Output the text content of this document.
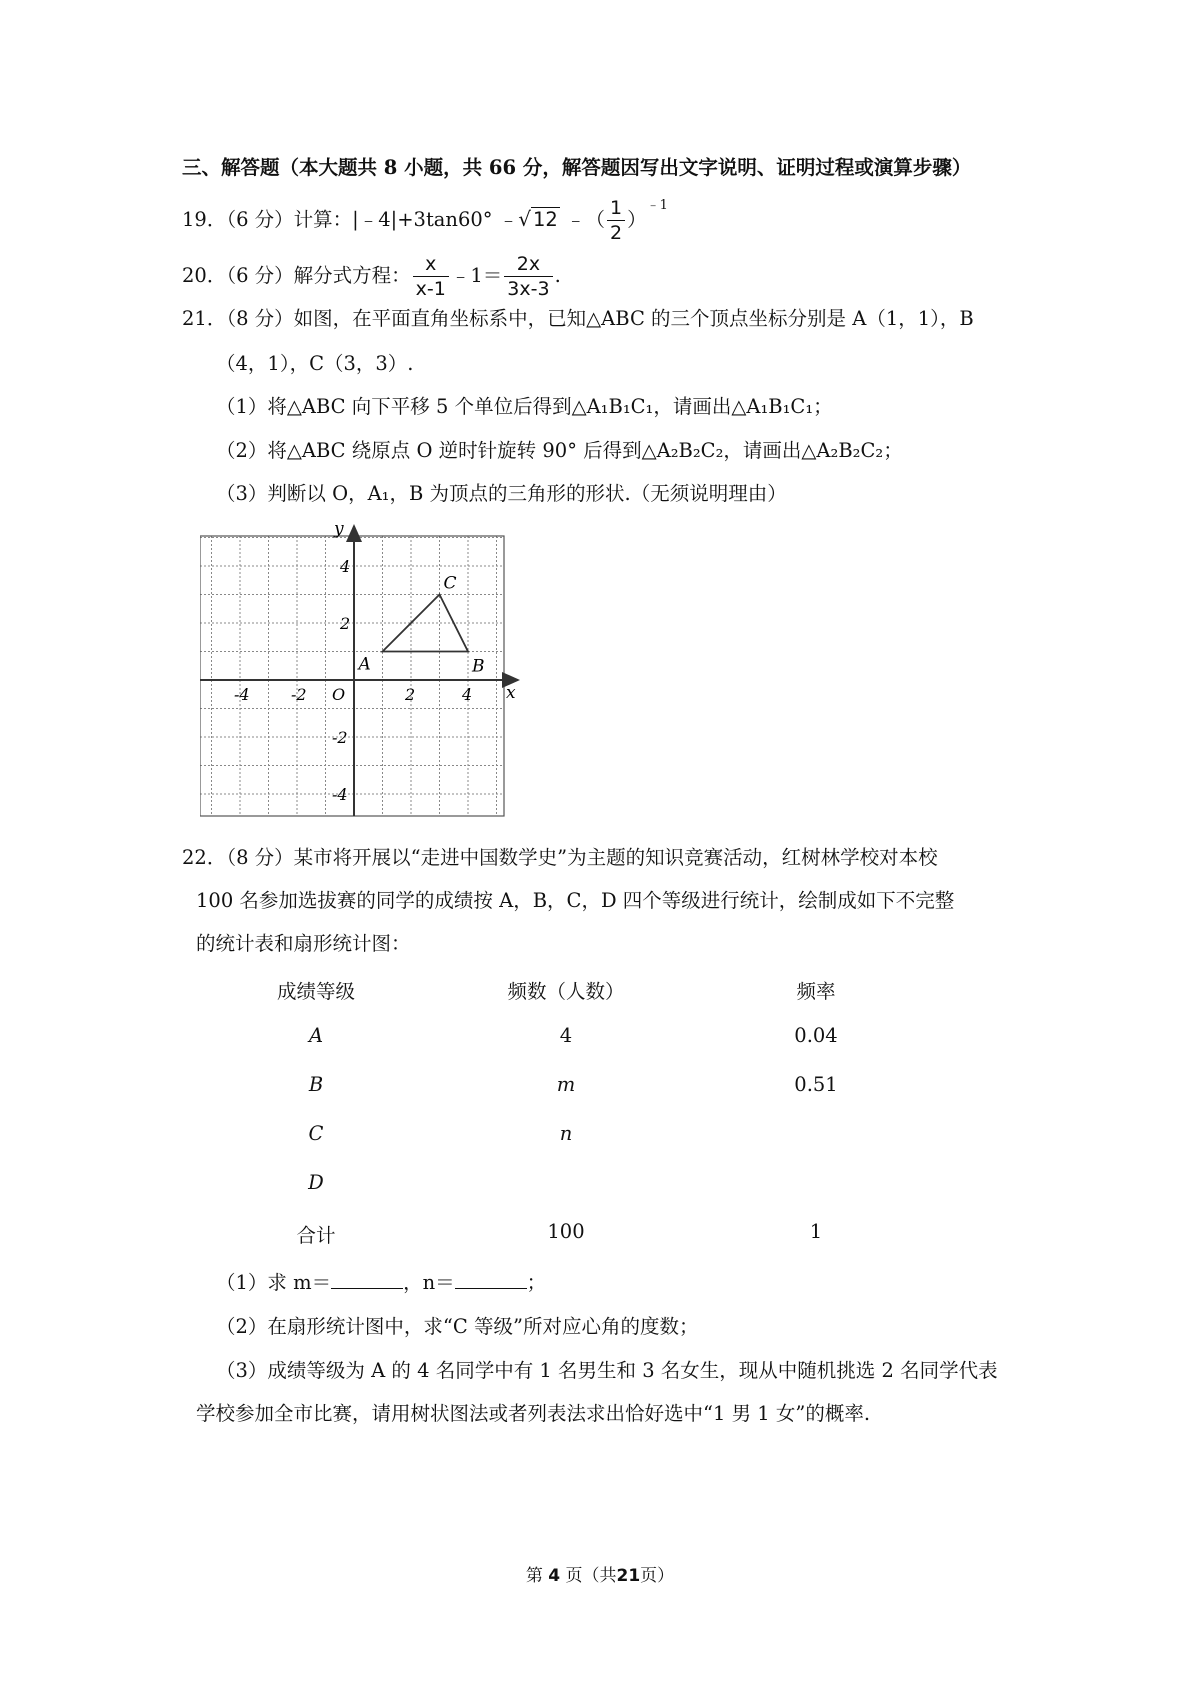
三、解答题（本大题共 8 小题，共 66 分，解答题因写出文字说明、证明过程或演算步骤）
19．（6 分）计算：|﹣4|+3tan60° ﹣√ 12 ﹣（ $\frac{1}{2} )^{﹣1}$
20．（6 分）解分式方程： $\frac{x}{x-1}$ ﹣1＝ $\frac{2x}{3x-3}$ .
21．（8 分）如图，在平面直角坐标系中，已知△ABC 的三个顶点坐标分别是 A（1，1），B
（4，1），C（3，3）.
（1）将△ABC 向下平移 5 个单位后得到△A₁B₁C₁，请画出△A₁B₁C₁；
（2）将△ABC 绕原点 O 逆时针旋转 90° 后得到△A₂B₂C₂，请画出△A₂B₂C₂；
（3）判断以 O，A₁，B 为顶点的三角形的形状.（无须说明理由）
x
y
O
-4	-2	2	4
4
2
-2
-4
A	B
C
22．（8 分）某市将开展以“走进中国数学史”为主题的知识竞赛活动，红树林学校对本校
100 名参加选拔赛的同学的成绩按 A，B，C，D 四个等级进行统计，绘制成如下不完整
的统计表和扇形统计图：
成绩等级	频数（人数）	频率
A	4	0.04
B	m	0.51
C	n
D
合计	100	1
（1）求 m＝	，n＝	；
（2）在扇形统计图中，求“C 等级”所对应心角的度数；
（3）成绩等级为 A 的 4 名同学中有 1 名男生和 3 名女生，现从中随机挑选 2 名同学代表
学校参加全市比赛，请用树状图法或者列表法求出恰好选中“1 男 1 女”的概率.
第 4 页（共21页）
